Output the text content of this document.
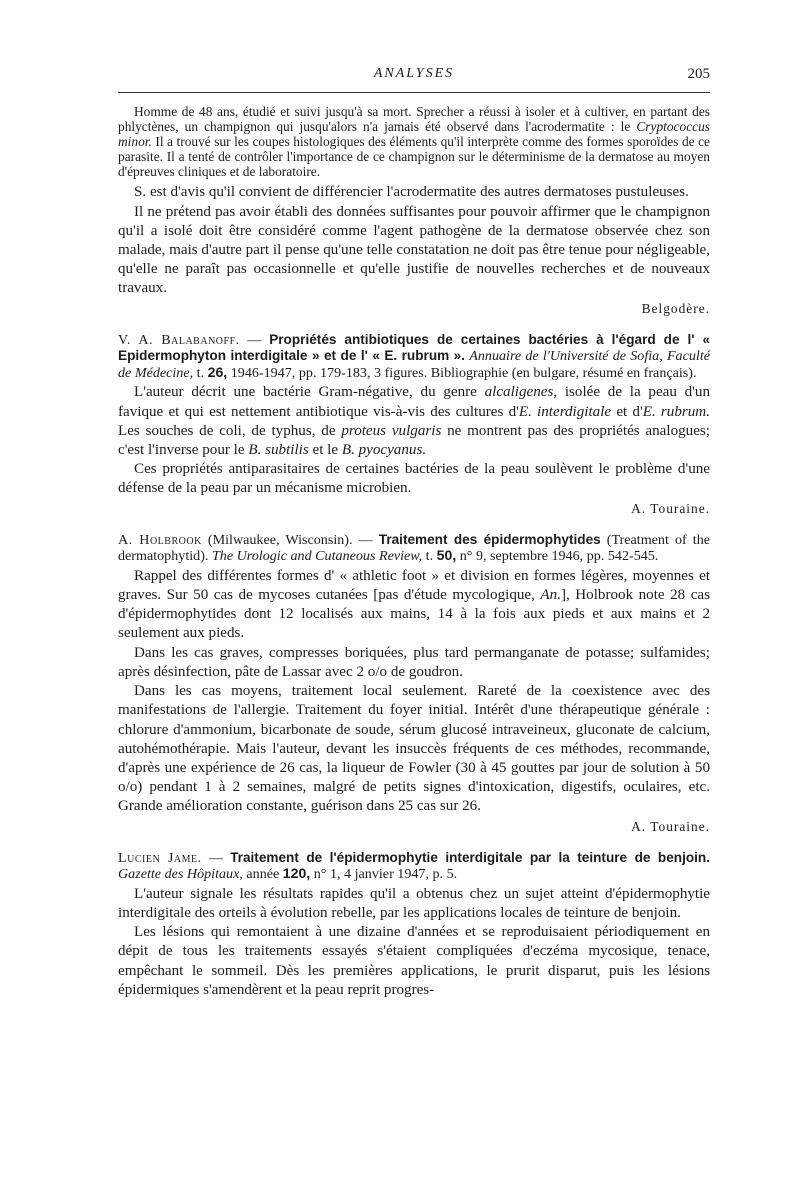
ANALYSES	205

Homme de 48 ans, étudié et suivi jusqu'à sa mort. Sprecher a réussi à isoler et à cultiver, en partant des phlyctènes, un champignon qui jusqu'alors n'a jamais été observé dans l'acrodermatite : le Cryptococcus minor. Il a trouvé sur les coupes histologiques des éléments qu'il interprète comme des formes sporoïdes de ce parasite. Il a tenté de contrôler l'importance de ce champignon sur le déterminisme de la dermatose au moyen d'épreuves cliniques et de laboratoire.

S. est d'avis qu'il convient de différencier l'acrodermatite des autres dermatoses pustuleuses.

Il ne prétend pas avoir établi des données suffisantes pour pouvoir affirmer que le champignon qu'il a isolé doit être considéré comme l'agent pathogène de la dermatose observée chez son malade, mais d'autre part il pense qu'une telle constatation ne doit pas être tenue pour négligeable, qu'elle ne paraît pas occasionnelle et qu'elle justifie de nouvelles recherches et de nouveaux travaux.

Belgodère.

V. A. Balabanoff. — Propriétés antibiotiques de certaines bactéries à l'égard de l' « Epidermophyton interdigitale » et de l' « E. rubrum ». Annuaire de l'Université de Sofia, Faculté de Médecine, t. 26, 1946-1947, pp. 179-183, 3 figures. Bibliographie (en bulgare, résumé en français).

L'auteur décrit une bactérie Gram-négative, du genre alcaligenes, isolée de la peau d'un favique et qui est nettement antibiotique vis-à-vis des cultures d'E. interdigitale et d'E. rubrum. Les souches de coli, de typhus, de proteus vulgaris ne montrent pas des propriétés analogues; c'est l'inverse pour le B. subtilis et le B. pyocyanus.

Ces propriétés antiparasitaires de certaines bactéries de la peau soulèvent le problème d'une défense de la peau par un mécanisme microbien.

A. Touraine.

A. Holbrook (Milwaukee, Wisconsin). — Traitement des épidermophytides (Treatment of the dermatophytid). The Urologic and Cutaneous Review, t. 50, n° 9, septembre 1946, pp. 542-545.

Rappel des différentes formes d' « athletic foot » et division en formes légères, moyennes et graves. Sur 50 cas de mycoses cutanées [pas d'étude mycologique, An.], Holbrook note 28 cas d'épidermophytides dont 12 localisés aux mains, 14 à la fois aux pieds et aux mains et 2 seulement aux pieds.

Dans les cas graves, compresses boriquées, plus tard permanganate de potasse; sulfamides; après désinfection, pâte de Lassar avec 2 o/o de goudron.

Dans les cas moyens, traitement local seulement. Rareté de la coexistence avec des manifestations de l'allergie. Traitement du foyer initial. Intérêt d'une thérapeutique générale : chlorure d'ammonium, bicarbonate de soude, sérum glucosé intraveineux, gluconate de calcium, autohémothérapie. Mais l'auteur, devant les insuccès fréquents de ces méthodes, recommande, d'après une expérience de 26 cas, la liqueur de Fowler (30 à 45 gouttes par jour de solution à 50 o/o) pendant 1 à 2 semaines, malgré de petits signes d'intoxication, digestifs, oculaires, etc. Grande amélioration constante, guérison dans 25 cas sur 26.

A. Touraine.

Lucien Jame. — Traitement de l'épidermophytie interdigitale par la teinture de benjoin. Gazette des Hôpitaux, année 120, n° 1, 4 janvier 1947, p. 5.

L'auteur signale les résultats rapides qu'il a obtenus chez un sujet atteint d'épidermophytie interdigitale des orteils à évolution rebelle, par les applications locales de teinture de benjoin.

Les lésions qui remontaient à une dizaine d'années et se reproduisaient périodiquement en dépit de tous les traitements essayés s'étaient compliquées d'eczéma mycosique, tenace, empêchant le sommeil. Dès les premières applications, le prurit disparut, puis les lésions épidermiques s'amendèrent et la peau reprit progres-
